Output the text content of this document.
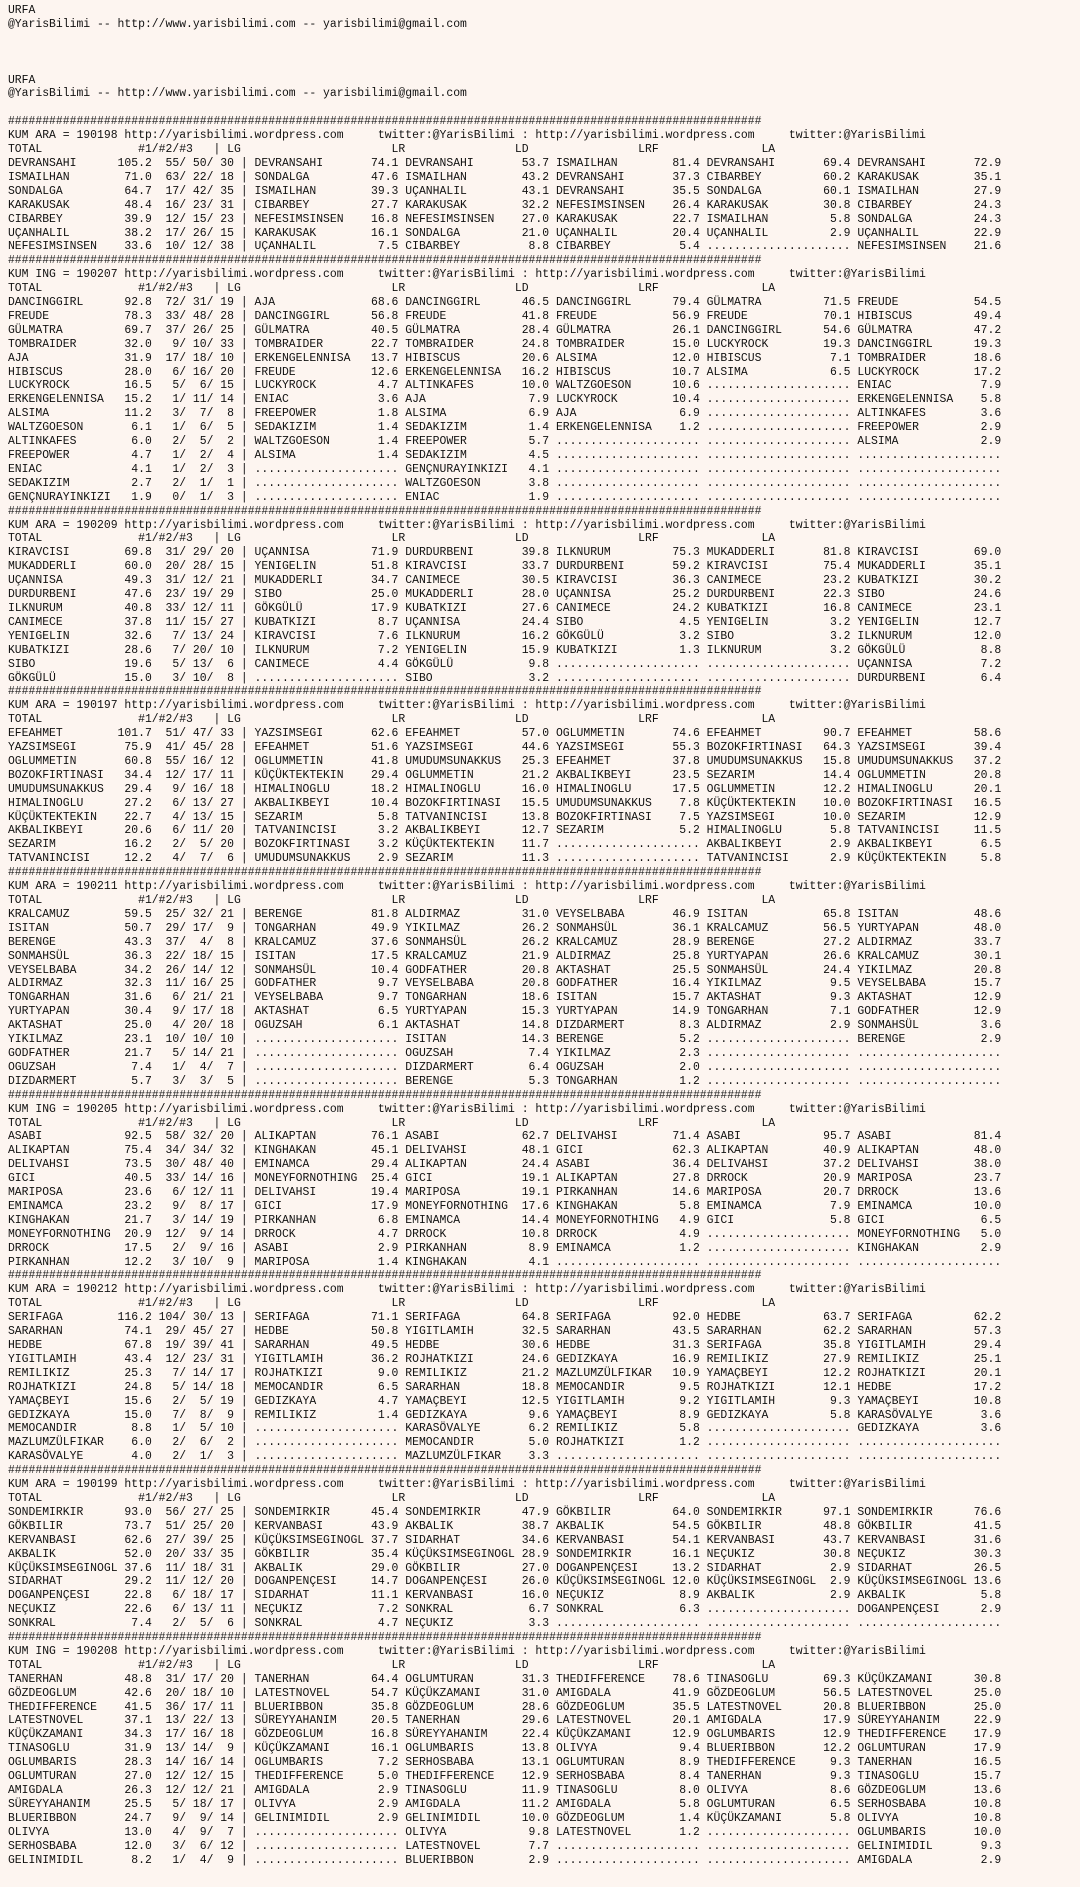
URFA
@YarisBilimi -- http://www.yarisbilimi.com -- yarisbilimi@gmail.com

URFA
@YarisBilimi -- http://www.yarisbilimi.com -- yarisbilimi@gmail.com

##############################################################################################################
KUM ARA = 190198 http://yarisbilimi.wordpress.com     twitter:@YarisBilimi : http://yarisbilimi.wordpress.com     twitter:@YarisBilimi
TOTAL              #1/#2/#3   | LG                      LR                LD                LRF               LA
DEVRANSAHI      105.2  55/ 50/ 30 | DEVRANSAHI       74.1 DEVRANSAHI       53.7 ISMAILHAN        81.4 DEVRANSAHI       69.4 DEVRANSAHI       72.9
ISMAILHAN        71.0  63/ 22/ 18 | SONDALGA         47.6 ISMAILHAN        43.2 DEVRANSAHI       37.3 CIBARBEY         60.2 KARAKUSAK        35.1
SONDALGA         64.7  17/ 42/ 35 | ISMAILHAN        39.3 UÇANHALIL        43.1 DEVRANSAHI       35.5 SONDALGA         60.1 ISMAILHAN        27.9
KARAKUSAK        48.4  16/ 23/ 31 | CIBARBEY         27.7 KARAKUSAK        32.2 NEFESIMSINSEN    26.4 KARAKUSAK        30.8 CIBARBEY         24.3
CIBARBEY         39.9  12/ 15/ 23 | NEFESIMSINSEN    16.8 NEFESIMSINSEN    27.0 KARAKUSAK        22.7 ISMAILHAN         5.8 SONDALGA         24.3
UÇANHALIL        38.2  17/ 26/ 15 | KARAKUSAK        16.1 SONDALGA         21.0 UÇANHALIL        20.4 UÇANHALIL         2.9 UÇANHALIL        22.9
NEFESIMSINSEN    33.6  10/ 12/ 38 | UÇANHALIL         7.5 CIBARBEY          8.8 CIBARBEY          5.4 ..................... NEFESIMSINSEN    21.6
##############################################################################################################
KUM ING = 190207 http://yarisbilimi.wordpress.com     twitter:@YarisBilimi : http://yarisbilimi.wordpress.com     twitter:@YarisBilimi
TOTAL              #1/#2/#3   | LG                      LR                LD                LRF               LA
DANCINGGIRL      92.8  72/ 31/ 19 | AJA              68.6 DANCINGGIRL      46.5 DANCINGGIRL      79.4 GÜLMATRA         71.5 FREUDE           54.5
FREUDE           78.3  33/ 48/ 28 | DANCINGGIRL      56.8 FREUDE           41.8 FREUDE           56.9 FREUDE           70.1 HIBISCUS         49.4
GÜLMATRA         69.7  37/ 26/ 25 | GÜLMATRA         40.5 GÜLMATRA         28.4 GÜLMATRA         26.1 DANCINGGIRL      54.6 GÜLMATRA         47.2
TOMBRAIDER       32.0   9/ 10/ 33 | TOMBRAIDER       22.7 TOMBRAIDER       24.8 TOMBRAIDER       15.0 LUCKYROCK        19.3 DANCINGGIRL      19.3
AJA              31.9  17/ 18/ 10 | ERKENGELENNISA   13.7 HIBISCUS         20.6 ALSIMA           12.0 HIBISCUS          7.1 TOMBRAIDER       18.6
HIBISCUS         28.0   6/ 16/ 20 | FREUDE           12.6 ERKENGELENNISA   16.2 HIBISCUS         10.7 ALSIMA            6.5 LUCKYROCK        17.2
LUCKYROCK        16.5   5/  6/ 15 | LUCKYROCK         4.7 ALTINKAFES       10.0 WALTZGOESON      10.6 ..................... ENIAC             7.9
ERKENGELENNISA   15.2   1/ 11/ 14 | ENIAC             3.6 AJA               7.9 LUCKYROCK        10.4 ..................... ERKENGELENNISA    5.8
ALSIMA           11.2   3/  7/  8 | FREEPOWER         1.8 ALSIMA            6.9 AJA               6.9 ..................... ALTINKAFES        3.6
WALTZGOESON       6.1   1/  6/  5 | SEDAKIZIM         1.4 SEDAKIZIM         1.4 ERKENGELENNISA    1.2 ..................... FREEPOWER         2.9
ALTINKAFES        6.0   2/  5/  2 | WALTZGOESON       1.4 FREEPOWER         5.7 ..................... ..................... ALSIMA            2.9
FREEPOWER         4.7   1/  2/  4 | ALSIMA            1.4 SEDAKIZIM         4.5 ..................... ..................... .....................
ENIAC             4.1   1/  2/  3 | ..................... GENÇNURAYINKIZI   4.1 ..................... ..................... .....................
SEDAKIZIM         2.7   2/  1/  1 | ..................... WALTZGOESON       3.8 ..................... ..................... .....................
GENÇNURAYINKIZI   1.9   0/  1/  3 | ..................... ENIAC             1.9 ..................... ..................... .....................
##############################################################################################################
KUM ARA = 190209 http://yarisbilimi.wordpress.com     twitter:@YarisBilimi : http://yarisbilimi.wordpress.com     twitter:@YarisBilimi
TOTAL              #1/#2/#3   | LG                      LR                LD                LRF               LA
KIRAVCISI        69.8  31/ 29/ 20 | UÇANNISA         71.9 DURDURBENI       39.8 ILKNURUM         75.3 MUKADDERLI       81.8 KIRAVCISI        69.0
MUKADDERLI       60.0  20/ 28/ 15 | YENIGELIN        51.8 KIRAVCISI        33.7 DURDURBENI       59.2 KIRAVCISI        75.4 MUKADDERLI       35.1
UÇANNISA         49.3  31/ 12/ 21 | MUKADDERLI       34.7 CANIMECE         30.5 KIRAVCISI        36.3 CANIMECE         23.2 KUBATKIZI        30.2
DURDURBENI       47.6  23/ 19/ 29 | SIBO             25.0 MUKADDERLI       28.0 UÇANNISA         25.2 DURDURBENI       22.3 SIBO             24.6
ILKNURUM         40.8  33/ 12/ 11 | GÖKGÜLÜ          17.9 KUBATKIZI        27.6 CANIMECE         24.2 KUBATKIZI        16.8 CANIMECE         23.1
CANIMECE         37.8  11/ 15/ 27 | KUBATKIZI         8.7 UÇANNISA         24.4 SIBO              4.5 YENIGELIN         3.2 YENIGELIN        12.7
YENIGELIN        32.6   7/ 13/ 24 | KIRAVCISI         7.6 ILKNURUM         16.2 GÖKGÜLÜ           3.2 SIBO              3.2 ILKNURUM         12.0
KUBATKIZI        28.6   7/ 20/ 10 | ILKNURUM          7.2 YENIGELIN        15.9 KUBATKIZI         1.3 ILKNURUM          3.2 GÖKGÜLÜ           8.8
SIBO             19.6   5/ 13/  6 | CANIMECE          4.4 GÖKGÜLÜ           9.8 ..................... ..................... UÇANNISA          7.2
GÖKGÜLÜ          15.0   3/ 10/  8 | ..................... SIBO              3.2 ..................... ..................... DURDURBENI        6.4
##############################################################################################################
KUM ARA = 190197 http://yarisbilimi.wordpress.com     twitter:@YarisBilimi : http://yarisbilimi.wordpress.com     twitter:@YarisBilimi
TOTAL              #1/#2/#3   | LG                      LR                LD                LRF               LA
EFEAHMET        101.7  51/ 47/ 33 | YAZSIMSEGI       62.6 EFEAHMET         57.0 OGLUMMETIN       74.6 EFEAHMET         90.7 EFEAHMET         58.6
YAZSIMSEGI       75.9  41/ 45/ 28 | EFEAHMET         51.6 YAZSIMSEGI       44.6 YAZSIMSEGI       55.3 BOZOKFIRTINASI   64.3 YAZSIMSEGI       39.4
OGLUMMETIN       60.8  55/ 16/ 12 | OGLUMMETIN       41.8 UMUDUMSUNAKKUS   25.3 EFEAHMET         37.8 UMUDUMSUNAKKUS   15.8 UMUDUMSUNAKKUS   37.2
BOZOKFIRTINASI   34.4  12/ 17/ 11 | KÜÇÜKTEKTEKIN    29.4 OGLUMMETIN       21.2 AKBALIKBEYI      23.5 SEZARIM          14.4 OGLUMMETIN       20.8
UMUDUMSUNAKKUS   29.4   9/ 16/ 18 | HIMALINOGLU      18.2 HIMALINOGLU      16.0 HIMALINOGLU      17.5 OGLUMMETIN       12.2 HIMALINOGLU      20.1
HIMALINOGLU      27.2   6/ 13/ 27 | AKBALIKBEYI      10.4 BOZOKFIRTINASI   15.5 UMUDUMSUNAKKUS    7.8 KÜÇÜKTEKTEKIN    10.0 BOZOKFIRTINASI   16.5
KÜÇÜKTEKTEKIN    22.7   4/ 13/ 15 | SEZARIM           5.8 TATVANINCISI     13.8 BOZOKFIRTINASI    7.5 YAZSIMSEGI       10.0 SEZARIM          12.9
AKBALIKBEYI      20.6   6/ 11/ 20 | TATVANINCISI      3.2 AKBALIKBEYI      12.7 SEZARIM           5.2 HIMALINOGLU       5.8 TATVANINCISI     11.5
SEZARIM          16.2   2/  5/ 20 | BOZOKFIRTINASI    3.2 KÜÇÜKTEKTEKIN    11.7 ..................... AKBALIKBEYI       2.9 AKBALIKBEYI       6.5
TATVANINCISI     12.2   4/  7/  6 | UMUDUMSUNAKKUS    2.9 SEZARIM          11.3 ..................... TATVANINCISI      2.9 KÜÇÜKTEKTEKIN     5.8
##############################################################################################################
KUM ARA = 190211 http://yarisbilimi.wordpress.com     twitter:@YarisBilimi : http://yarisbilimi.wordpress.com     twitter:@YarisBilimi
TOTAL              #1/#2/#3   | LG                      LR                LD                LRF               LA
KRALCAMUZ        59.5  25/ 32/ 21 | BERENGE          81.8 ALDIRMAZ         31.0 VEYSELBABA       46.9 ISITAN           65.8 ISITAN           48.6
ISITAN           50.7  29/ 17/  9 | TONGARHAN        49.9 YIKILMAZ         26.2 SONMAHSÜL        36.1 KRALCAMUZ        56.5 YURTYAPAN        48.0
BERENGE          43.3  37/  4/  8 | KRALCAMUZ        37.6 SONMAHSÜL        26.2 KRALCAMUZ        28.9 BERENGE          27.2 ALDIRMAZ         33.7
SONMAHSÜL        36.3  22/ 18/ 15 | ISITAN           17.5 KRALCAMUZ        21.9 ALDIRMAZ         25.8 YURTYAPAN        26.6 KRALCAMUZ        30.1
VEYSELBABA       34.2  26/ 14/ 12 | SONMAHSÜL        10.4 GODFATHER        20.8 AKTASHAT         25.5 SONMAHSÜL        24.4 YIKILMAZ         20.8
ALDIRMAZ         32.3  11/ 16/ 25 | GODFATHER         9.7 VEYSELBABA       20.8 GODFATHER        16.4 YIKILMAZ          9.5 VEYSELBABA       15.7
TONGARHAN        31.6   6/ 21/ 21 | VEYSELBABA        9.7 TONGARHAN        18.6 ISITAN           15.7 AKTASHAT          9.3 AKTASHAT         12.9
YURTYAPAN        30.4   9/ 17/ 18 | AKTASHAT          6.5 YURTYAPAN        15.3 YURTYAPAN        14.9 TONGARHAN         7.1 GODFATHER        12.9
AKTASHAT         25.0   4/ 20/ 18 | OGUZSAH           6.1 AKTASHAT         14.8 DIZDARMERT        8.3 ALDIRMAZ          2.9 SONMAHSÜL         3.6
YIKILMAZ         23.1  10/ 10/ 10 | ..................... ISITAN           14.3 BERENGE           5.2 ..................... BERENGE           2.9
GODFATHER        21.7   5/ 14/ 21 | ..................... OGUZSAH           7.4 YIKILMAZ          2.3 ..................... .....................
OGUZSAH           7.4   1/  4/  7 | ..................... DIZDARMERT        6.4 OGUZSAH           2.0 ..................... .....................
DIZDARMERT        5.7   3/  3/  5 | ..................... BERENGE           5.3 TONGARHAN         1.2 ..................... .....................
##############################################################################################################
KUM ING = 190205 http://yarisbilimi.wordpress.com     twitter:@YarisBilimi : http://yarisbilimi.wordpress.com     twitter:@YarisBilimi
TOTAL              #1/#2/#3   | LG                      LR                LD                LRF               LA
ASABI            92.5  58/ 32/ 20 | ALIKAPTAN        76.1 ASABI            62.7 DELIVAHSI        71.4 ASABI            95.7 ASABI            81.4
ALIKAPTAN        75.4  34/ 34/ 32 | KINGHAKAN        45.1 DELIVAHSI        48.1 GICI             62.3 ALIKAPTAN        40.9 ALIKAPTAN        48.0
DELIVAHSI        73.5  30/ 48/ 40 | EMINAMCA         29.4 ALIKAPTAN        24.4 ASABI            36.4 DELIVAHSI        37.2 DELIVAHSI        38.0
GICI             40.5  33/ 14/ 16 | MONEYFORNOTHING  25.4 GICI             19.1 ALIKAPTAN        27.8 DRROCK           20.9 MARIPOSA         23.7
MARIPOSA         23.6   6/ 12/ 11 | DELIVAHSI        19.4 MARIPOSA         19.1 PIRKANHAN        14.6 MARIPOSA         20.7 DRROCK           13.6
EMINAMCA         23.2   9/  8/ 17 | GICI             17.9 MONEYFORNOTHING  17.6 KINGHAKAN         5.8 EMINAMCA          7.9 EMINAMCA         10.0
KINGHAKAN        21.7   3/ 14/ 19 | PIRKANHAN         6.8 EMINAMCA         14.4 MONEYFORNOTHING   4.9 GICI              5.8 GICI              6.5
MONEYFORNOTHING  20.9  12/  9/ 14 | DRROCK            4.7 DRROCK           10.8 DRROCK            4.9 ..................... MONEYFORNOTHING   5.0
DRROCK           17.5   2/  9/ 16 | ASABI             2.9 PIRKANHAN         8.9 EMINAMCA          1.2 ..................... KINGHAKAN         2.9
PIRKANHAN        12.2   3/ 10/  9 | MARIPOSA          1.4 KINGHAKAN         4.1 ..................... ..................... .....................
##############################################################################################################
KUM ARA = 190212 http://yarisbilimi.wordpress.com     twitter:@YarisBilimi : http://yarisbilimi.wordpress.com     twitter:@YarisBilimi
TOTAL              #1/#2/#3   | LG                      LR                LD                LRF               LA
SERIFAGA        116.2 104/ 30/ 13 | SERIFAGA         71.1 SERIFAGA         64.8 SERIFAGA         92.0 HEDBE            63.7 SERIFAGA         62.2
SARARHAN         74.1  29/ 45/ 27 | HEDBE            50.8 YIGITLAMIH       32.5 SARARHAN         43.5 SARARHAN         62.2 SARARHAN         57.3
HEDBE            67.8  19/ 39/ 41 | SARARHAN         49.5 HEDBE            30.6 HEDBE            31.3 SERIFAGA         35.8 YIGITLAMIH       29.4
YIGITLAMIH       43.4  12/ 23/ 31 | YIGITLAMIH       36.2 ROJHATKIZI       24.6 GEDIZKAYA        16.9 REMILIKIZ        27.9 REMILIKIZ        25.1
REMILIKIZ        25.3   7/ 14/ 17 | ROJHATKIZI        9.0 REMILIKIZ        21.2 MAZLUMZÜLFIKAR   10.9 YAMAÇBEYI        12.2 ROJHATKIZI       20.1
ROJHATKIZI       24.8   5/ 14/ 18 | MEMOCANDIR        6.5 SARARHAN         18.8 MEMOCANDIR        9.5 ROJHATKIZI       12.1 HEDBE            17.2
YAMAÇBEYI        15.6   2/  5/ 19 | GEDIZKAYA         4.7 YAMAÇBEYI        12.5 YIGITLAMIH        9.2 YIGITLAMIH        9.3 YAMAÇBEYI        10.8
GEDIZKAYA        15.0   7/  8/  9 | REMILIKIZ         1.4 GEDIZKAYA         9.6 YAMAÇBEYI         8.9 GEDIZKAYA         5.8 KARASÖVALYE       3.6
MEMOCANDIR        8.8   1/  5/ 10 | ..................... KARASÖVALYE       6.2 REMILIKIZ         5.8 ..................... GEDIZKAYA         3.6
MAZLUMZÜLFIKAR    6.0   2/  6/  2 | ..................... MEMOCANDIR        5.0 ROJHATKIZI        1.2 ..................... .....................
KARASÖVALYE       4.0   2/  1/  3 | ..................... MAZLUMZÜLFIKAR    3.3 ..................... ..................... .....................
##############################################################################################################
KUM ARA = 190199 http://yarisbilimi.wordpress.com     twitter:@YarisBilimi : http://yarisbilimi.wordpress.com     twitter:@YarisBilimi
TOTAL              #1/#2/#3   | LG                      LR                LD                LRF               LA
SONDEMIRKIR      93.0  56/ 27/ 25 | SONDEMIRKIR      45.4 SONDEMIRKIR      47.9 GÖKBILIR         64.0 SONDEMIRKIR      97.1 SONDEMIRKIR      76.6
GÖKBILIR         73.7  51/ 25/ 20 | KERVANBASI       43.9 AKBALIK          38.7 AKBALIK          54.5 GÖKBILIR         48.8 GÖKBILIR         41.5
KERVANBASI       62.6  27/ 39/ 25 | KÜÇÜKSIMSEGINOGL 37.7 SIDARHAT         34.6 KERVANBASI       54.1 KERVANBASI       43.7 KERVANBASI       31.6
AKBALIK          52.0  20/ 33/ 35 | GÖKBILIR         35.4 KÜÇÜKSIMSEGINOGL 28.9 SONDEMIRKIR      16.1 NEÇUKIZ          30.8 NEÇUKIZ          30.3
KÜÇÜKSIMSEGINOGL 37.6  11/ 18/ 31 | AKBALIK          29.0 GÖKBILIR         27.0 DOGANPENÇESI     13.2 SIDARHAT          2.9 SIDARHAT         26.5
SIDARHAT         29.2  11/ 12/ 20 | DOGANPENÇESI     14.7 DOGANPENÇESI     26.0 KÜÇÜKSIMSEGINOGL 12.0 KÜÇÜKSIMSEGINOGL  2.9 KÜÇÜKSIMSEGINOGL 13.6
DOGANPENÇESI     22.8   6/ 18/ 17 | SIDARHAT         11.1 KERVANBASI       16.0 NEÇUKIZ           8.9 AKBALIK           2.9 AKBALIK           5.8
NEÇUKIZ          22.6   6/ 13/ 11 | NEÇUKIZ           7.2 SONKRAL           6.7 SONKRAL           6.3 ..................... DOGANPENÇESI      2.9
SONKRAL           7.4   2/  5/  6 | SONKRAL           4.7 NEÇUKIZ           3.3 ..................... ..................... .....................
##############################################################################################################
KUM ING = 190208 http://yarisbilimi.wordpress.com     twitter:@YarisBilimi : http://yarisbilimi.wordpress.com     twitter:@YarisBilimi
TOTAL              #1/#2/#3   | LG                      LR                LD                LRF               LA
TANERHAN         48.8  31/ 17/ 20 | TANERHAN         64.4 OGLUMTURAN       31.3 THEDIFFERENCE    78.6 TINASOGLU        69.3 KÜÇÜKZAMANI      30.8
GÖZDEOGLUM       42.6  20/ 18/ 10 | LATESTNOVEL      54.7 KÜÇÜKZAMANI      31.0 AMIGDALA         41.9 GÖZDEOGLUM       56.5 LATESTNOVEL      25.0
THEDIFFERENCE    41.5  36/ 17/ 11 | BLUERIBBON       35.8 GÖZDEOGLUM       28.6 GÖZDEOGLUM       35.5 LATESTNOVEL      20.8 BLUERIBBON       25.0
LATESTNOVEL      37.1  13/ 22/ 13 | SÜREYYAHANIM     20.5 TANERHAN         29.6 LATESTNOVEL      20.1 AMIGDALA         17.9 SÜREYYAHANIM     22.9
KÜÇÜKZAMANI      34.3  17/ 16/ 18 | GÖZDEOGLUM       16.8 SÜREYYAHANIM     22.4 KÜÇÜKZAMANI      12.9 OGLUMBARIS       12.9 THEDIFFERENCE    17.9
TINASOGLU        31.9  13/ 14/  9 | KÜÇÜKZAMANI      16.1 OGLUMBARIS       13.8 OLIVYA            9.4 BLUERIBBON       12.2 OGLUMTURAN       17.9
OGLUMBARIS       28.3  14/ 16/ 14 | OGLUMBARIS        7.2 SERHOSBABA       13.1 OGLUMTURAN        8.9 THEDIFFERENCE     9.3 TANERHAN         16.5
OGLUMTURAN       27.0  12/ 12/ 15 | THEDIFFERENCE     5.0 THEDIFFERENCE    12.9 SERHOSBABA        8.4 TANERHAN          9.3 TINASOGLU        15.7
AMIGDALA         26.3  12/ 12/ 21 | AMIGDALA          2.9 TINASOGLU        11.9 TINASOGLU         8.0 OLIVYA            8.6 GÖZDEOGLUM       13.6
SÜREYYAHANIM     25.5   5/ 18/ 17 | OLIVYA            2.9 AMIGDALA         11.2 AMIGDALA          5.8 OGLUMTURAN        6.5 SERHOSBABA       10.8
BLUERIBBON       24.7   9/  9/ 14 | GELINIMIDIL       2.9 GELINIMIDIL      10.0 GÖZDEOGLUM        1.4 KÜÇÜKZAMANI       5.8 OLIVYA           10.8
OLIVYA           13.0   4/  9/  7 | ..................... OLIVYA            9.8 LATESTNOVEL       1.2 ..................... OGLUMBARIS       10.0
SERHOSBABA       12.0   3/  6/ 12 | ..................... LATESTNOVEL       7.7 ..................... ..................... GELINIMIDIL       9.3
GELINIMIDIL       8.2   1/  4/  9 | ..................... BLUERIBBON        2.9 ..................... ..................... AMIGDALA          2.9
